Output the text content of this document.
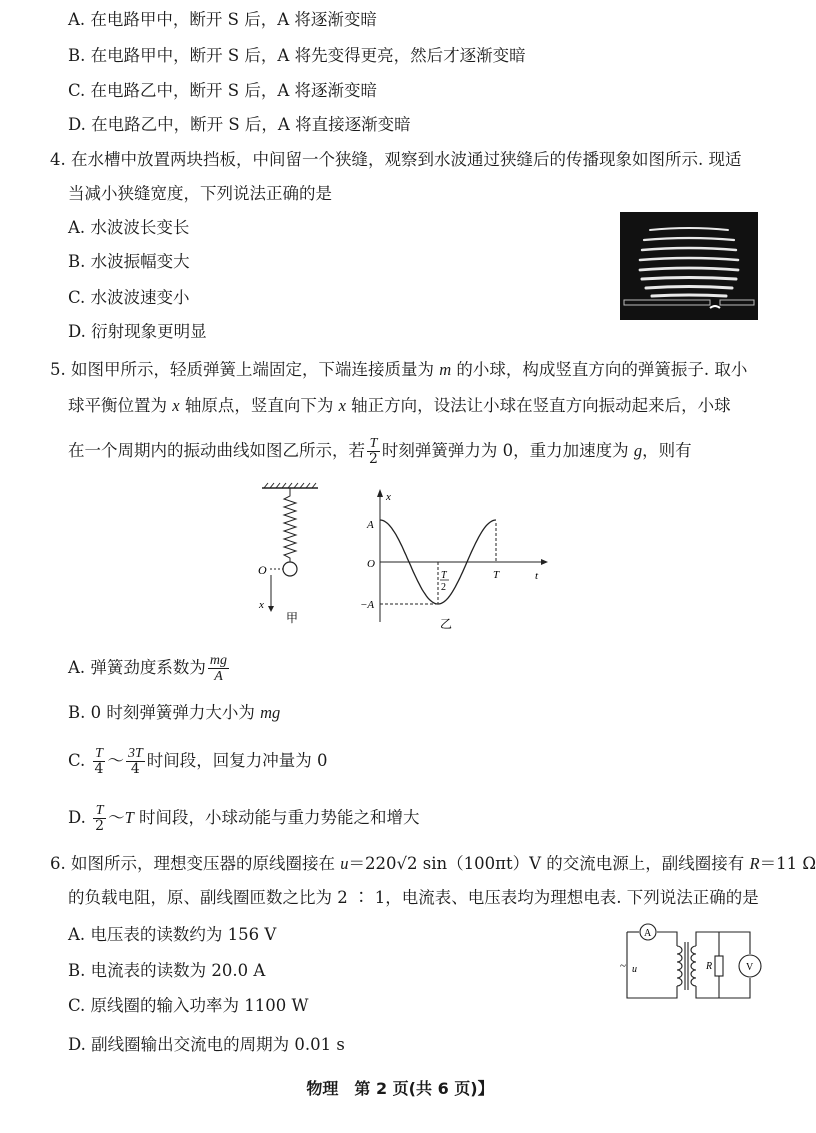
A. 在电路甲中，断开 S 后，A 将逐渐变暗
B. 在电路甲中，断开 S 后，A 将先变得更亮，然后才逐渐变暗
C. 在电路乙中，断开 S 后，A 将逐渐变暗
D. 在电路乙中，断开 S 后，A 将直接逐渐变暗
4. 在水槽中放置两块挡板，中间留一个狭缝，观察到水波通过狭缝后的传播现象如图所示. 现适
当减小狭缝宽度，下列说法正确的是
A. 水波波长变长
B. 水波振幅变大
C. 水波波速变小
D. 衍射现象更明显
5. 如图甲所示，轻质弹簧上端固定，下端连接质量为 m 的小球，构成竖直方向的弹簧振子. 取小
球平衡位置为 x 轴原点，竖直向下为 x 轴正方向，设法让小球在竖直方向振动起来后，小球
在一个周期内的振动曲线如图乙所示，若 $\frac{T}{2}$ 时刻弹簧弹力为 0，重力加速度为 g，则有
O
x
甲
x
t
O
A
−A
T
2
T
乙
A. 弹簧劲度系数为 $\frac{mg}{A}$
B. 0 时刻弹簧弹力大小为 mg
C. $\frac{T}{4}$ ～ $\frac{3T}{4}$ 时间段，回复力冲量为 0
D. $\frac{T}{2}$ ～T 时间段，小球动能与重力势能之和增大
6. 如图所示，理想变压器的原线圈接在 u＝220√2 sin（100πt）V 的交流电源上，副线圈接有 R＝11 Ω
的负载电阻，原、副线圈匝数之比为 2 ∶ 1，电流表、电压表均为理想电表. 下列说法正确的是
A. 电压表的读数约为 156 V
B. 电流表的读数为 20.0 A
C. 原线圈的输入功率为 1100 W
D. 副线圈输出交流电的周期为 0.01 s
A
V
R
~ u
物理　第 2 页(共 6 页)】
